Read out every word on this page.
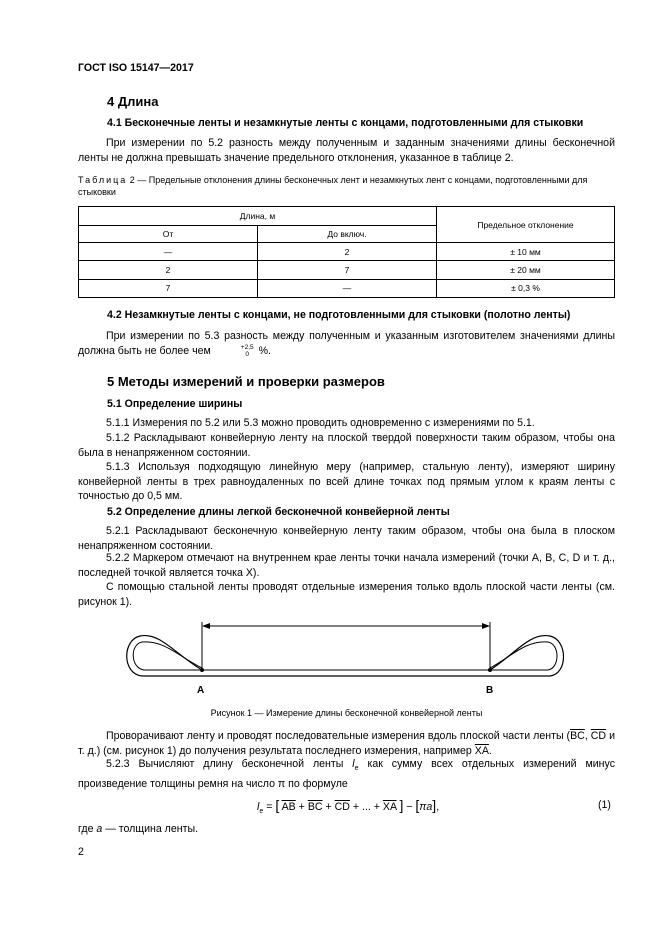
ГОСТ ISO 15147—2017
4 Длина
4.1 Бесконечные ленты и незамкнутые ленты с концами, подготовленными для стыковки
При измерении по 5.2 разность между полученным и заданным значениями длины бесконечной ленты не должна превышать значение предельного отклонения, указанное в таблице 2.
Таблица 2 — Предельные отклонения длины бесконечных лент и незамкнутых лент с концами, подготовленными для стыковки
Длина, м		Предельное отклонение
От	До включ.	
—	2	± 10 мм
2	7	± 20 мм
7	—	± 0,3 %
4.2 Незамкнутые ленты с концами, не подготовленными для стыковки (полотно ленты)
При измерении по 5.3 разность между полученным и указанным изготовителем значениями длины должна быть не более чем	+2,5
0 %.
5 Методы измерений и проверки размеров
5.1 Определение ширины
5.1.1 Измерения по 5.2 или 5.3 можно проводить одновременно с измерениями по 5.1.
5.1.2 Раскладывают конвейерную ленту на плоской твердой поверхности таким образом, чтобы она была в ненапряженном состоянии.
5.1.3 Используя подходящую линейную меру (например, стальную ленту), измеряют ширину конвейерной ленты в трех равноудаленных по всей длине точках под прямым углом к краям ленты с точностью до 0,5 мм.
5.2 Определение длины легкой бесконечной конвейерной ленты
5.2.1 Раскладывают бесконечную конвейерную ленту таким образом, чтобы она была в плоском ненапряженном состоянии.
5.2.2 Маркером отмечают на внутреннем крае ленты точки начала измерений (точки А, В, С, D и т. д., последней точкой является точка Х).
С помощью стальной ленты проводят отдельные измерения только вдоль плоской части ленты (см. рисунок 1).
A	B
Рисунок 1 — Измерение длины бесконечной конвейерной ленты
Проворачивают ленту и проводят последовательные измерения вдоль плоской части ленты ($\overline{BC}$, $\overline{CD}$ и т. д.) (см. рисунок 1) до получения результата последнего измерения, например $\overline{XA}$.
5.2.3 Вычисляют длину бесконечной ленты $l_e$ как сумму всех отдельных измерений минус произведение толщины ремня на число π по формуле
$l_e$ = [ $\overline{AB} + \overline{BC} + \overline{CD}$ + ... + $\overline{XA}$ ] − [πa],	(1)
где a — толщина ленты.
2
